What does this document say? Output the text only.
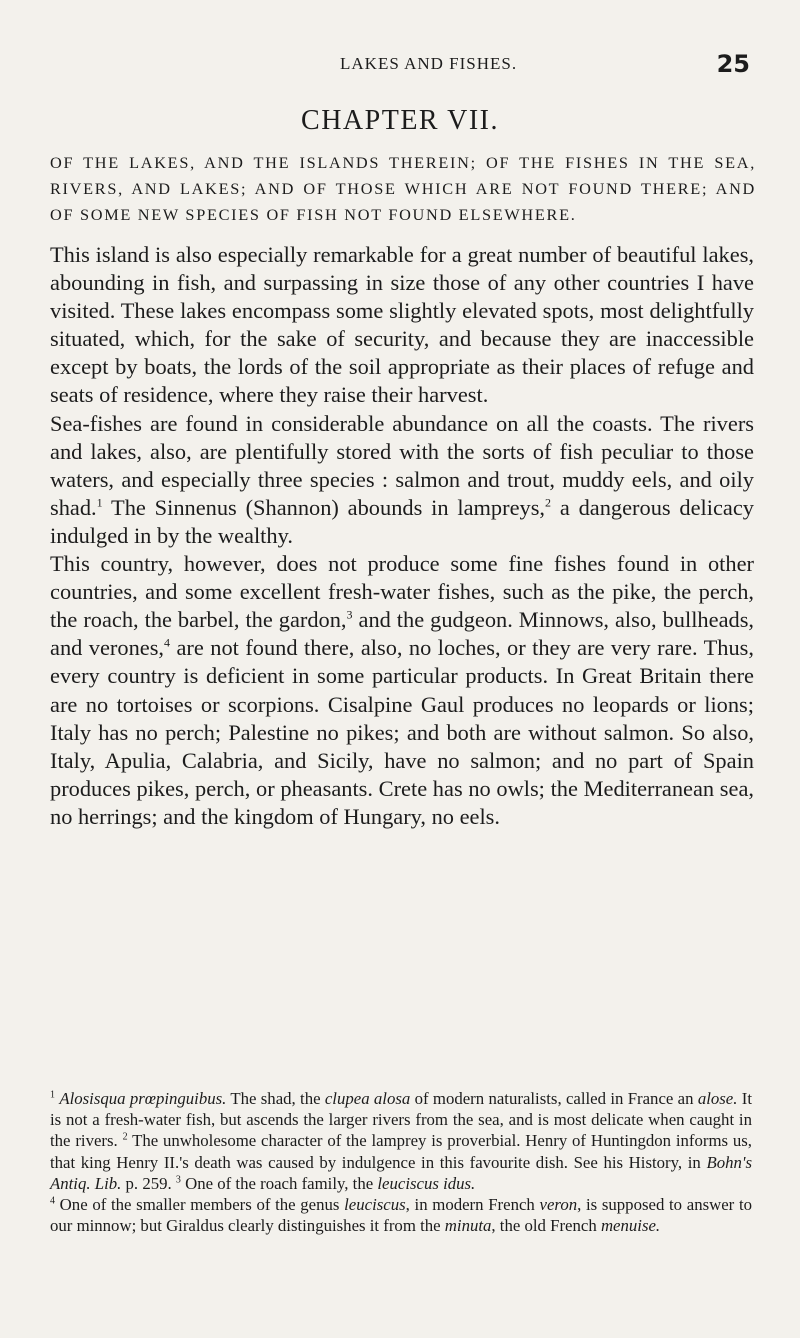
LAKES AND FISHES.	25
CHAPTER VII.

OF THE LAKES, AND THE ISLANDS THEREIN; OF THE FISHES IN THE SEA, RIVERS, AND LAKES; AND OF THOSE WHICH ARE NOT FOUND THERE; AND OF SOME NEW SPECIES OF FISH NOT FOUND ELSEWHERE.

This island is also especially remarkable for a great number of beautiful lakes, abounding in fish, and surpassing in size those of any other countries I have visited. These lakes encompass some slightly elevated spots, most delightfully situated, which, for the sake of security, and because they are inaccessible except by boats, the lords of the soil appropriate as their places of refuge and seats of residence, where they raise their harvest.

Sea-fishes are found in considerable abundance on all the coasts. The rivers and lakes, also, are plentifully stored with the sorts of fish peculiar to those waters, and especially three species : salmon and trout, muddy eels, and oily shad.$^1$ The Sinnenus (Shannon) abounds in lampreys,$^2$ a dangerous delicacy indulged in by the wealthy.

This country, however, does not produce some fine fishes found in other countries, and some excellent fresh-water fishes, such as the pike, the perch, the roach, the barbel, the gardon,$^3$ and the gudgeon. Minnows, also, bullheads, and verones,$^4$ are not found there, also, no loches, or they are very rare. Thus, every country is deficient in some particular products. In Great Britain there are no tortoises or scorpions. Cisalpine Gaul produces no leopards or lions; Italy has no perch; Palestine no pikes; and both are without salmon. So also, Italy, Apulia, Calabria, and Sicily, have no salmon; and no part of Spain produces pikes, perch, or pheasants. Crete has no owls; the Mediterranean sea, no herrings; and the kingdom of Hungary, no eels.

$^1$ Alosisqua prœpinguibus. The shad, the clupea alosa of modern naturalists, called in France an alose. It is not a fresh-water fish, but ascends the larger rivers from the sea, and is most delicate when caught in the rivers. $^2$ The unwholesome character of the lamprey is proverbial. Henry of Huntingdon informs us, that king Henry II.'s death was caused by indulgence in this favourite dish. See his History, in Bohn's Antiq. Lib. p. 259. $^3$ One of the roach family, the leuciscus idus.
$^4$ One of the smaller members of the genus leuciscus, in modern French veron, is supposed to answer to our minnow; but Giraldus clearly distinguishes it from the minuta, the old French menuise.
